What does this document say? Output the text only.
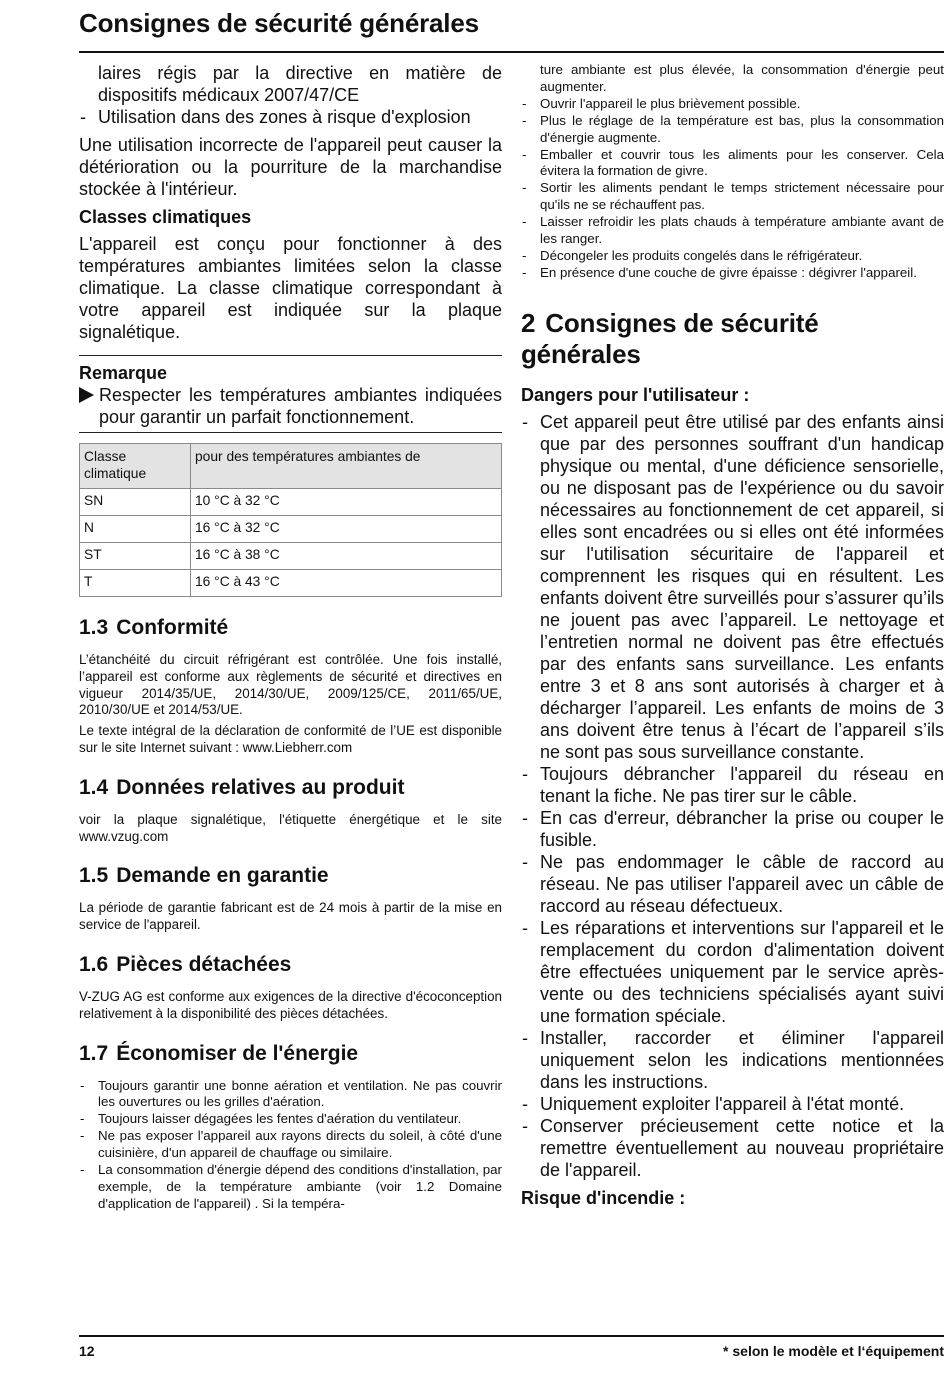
Consignes de sécurité générales

laires régis par la directive en matière de dispositifs médicaux 2007/47/CE

- Utilisation dans des zones à risque d'explosion

Une utilisation incorrecte de l'appareil peut causer la détérioration ou la pourriture de la marchandise stockée à l'intérieur.

Classes climatiques

L'appareil est conçu pour fonctionner à des températures ambiantes limitées selon la classe climatique. La classe climatique correspondant à votre appareil est indiquée sur la plaque signalétique.

Remarque

Respecter les températures ambiantes indiquées pour garantir un parfait fonctionnement.
Classe climatique	pour des températures ambiantes de
SN	10 °C à 32 °C
N	16 °C à 32 °C
ST	16 °C à 38 °C
T	16 °C à 43 °C
1.3 Conformité

L’étanchéité du circuit réfrigérant est contrôlée. Une fois installé, l’appareil est conforme aux règlements de sécurité et directives en vigueur 2014/35/UE, 2014/30/UE, 2009/125/CE, 2011/65/UE, 2010/30/UE et 2014/53/UE.

Le texte intégral de la déclaration de conformité de l’UE est disponible sur le site Internet suivant : www.Liebherr.com

1.4 Données relatives au produit

voir la plaque signalétique, l'étiquette énergétique et le site www.vzug.com

1.5 Demande en garantie

La période de garantie fabricant est de 24 mois à partir de la mise en service de l'appareil.

1.6 Pièces détachées

V-ZUG AG est conforme aux exigences de la directive d'écoconception relativement à la disponibilité des pièces détachées.

1.7 Économiser de l'énergie
- Toujours garantir une bonne aération et ventilation. Ne pas couvrir les ouvertures ou les grilles d'aération.
- Toujours laisser dégagées les fentes d'aération du ventilateur.
- Ne pas exposer l'appareil aux rayons directs du soleil, à côté d'une cuisinière, d'un appareil de chauffage ou similaire.
- La consommation d'énergie dépend des conditions d'installation, par exemple, de la température ambiante (voir 1.2 Domaine d'application de l'appareil) . Si la tempéra-

ture ambiante est plus élevée, la consommation d'énergie peut augmenter.

- Ouvrir l'appareil le plus brièvement possible.
- Plus le réglage de la température est bas, plus la consommation d'énergie augmente.
- Emballer et couvrir tous les aliments pour les conserver. Cela évitera la formation de givre.
- Sortir les aliments pendant le temps strictement nécessaire pour qu'ils ne se réchauffent pas.
- Laisser refroidir les plats chauds à température ambiante avant de les ranger.
- Décongeler les produits congelés dans le réfrigérateur.
- En présence d'une couche de givre épaisse : dégivrer l'appareil.
2 Consignes de sécurité générales

Dangers pour l'utilisateur :

- Cet appareil peut être utilisé par des enfants ainsi que par des personnes souffrant d'un handicap physique ou mental, d'une déficience sensorielle, ou ne disposant pas de l'expérience ou du savoir nécessaires au fonctionnement de cet appareil, si elles sont encadrées ou si elles ont été informées sur l'utilisation sécuritaire de l'appareil et comprennent les risques qui en résultent. Les enfants doivent être surveillés pour s’assurer qu’ils ne jouent pas avec l’appareil. Le nettoyage et l’entretien normal ne doivent pas être effectués par des enfants sans surveillance. Les enfants entre 3 et 8 ans sont autorisés à charger et à décharger l’appareil. Les enfants de moins de 3 ans doivent être tenus à l’écart de l’appareil s’ils ne sont pas sous surveillance constante.
- Toujours débrancher l'appareil du réseau en tenant la fiche. Ne pas tirer sur le câble.
- En cas d'erreur, débrancher la prise ou couper le fusible.
- Ne pas endommager le câble de raccord au réseau. Ne pas utiliser l'appareil avec un câble de raccord au réseau défectueux.
- Les réparations et interventions sur l'appareil et le remplacement du cordon d'alimentation doivent être effectuées uniquement par le service après-vente ou des techniciens spécialisés ayant suivi une formation spéciale.
- Installer, raccorder et éliminer l'appareil uniquement selon les indications mentionnées dans les instructions.
- Uniquement exploiter l'appareil à l'état monté.
- Conserver précieusement cette notice et la remettre éventuellement au nouveau propriétaire de l'appareil.

Risque d'incendie :

12	* selon le modèle et l‘équipement
